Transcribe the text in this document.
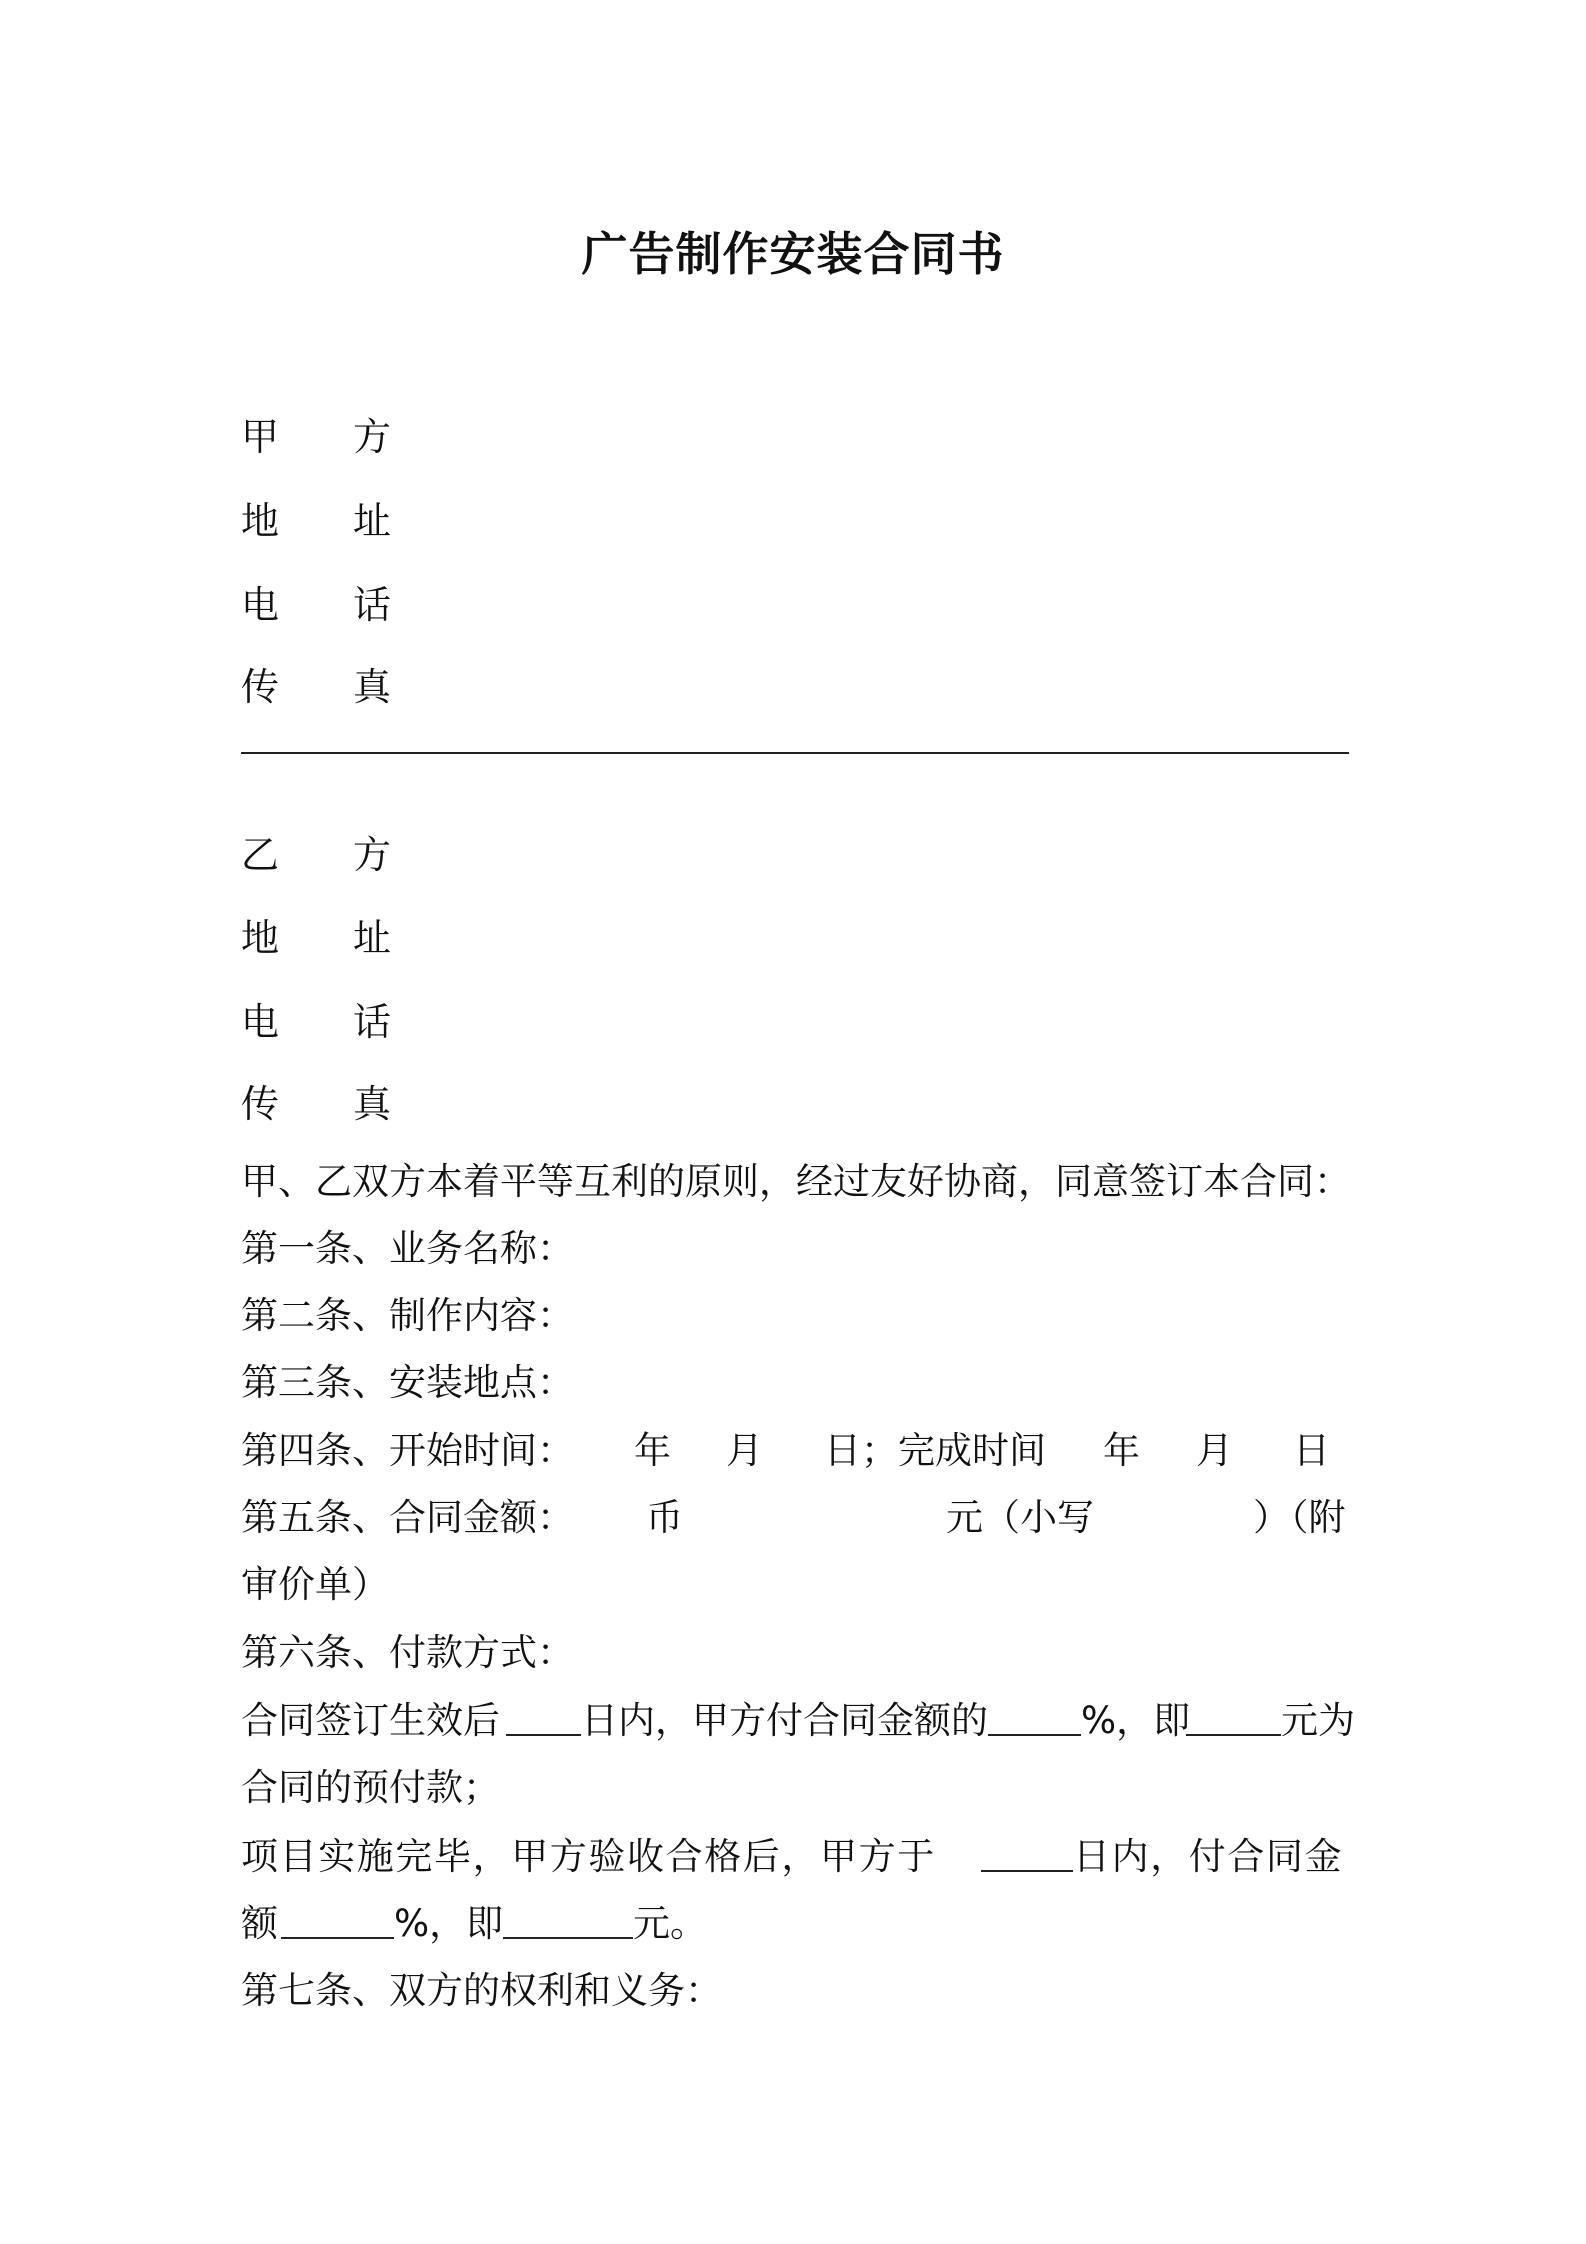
广告制作安装合同书
甲 方
地 址
电 话
传 真
乙 方
地 址
电 话
传 真
甲、乙双方本着平等互利的原则，经过友好协商，同意签订本合同：
第一条、业务名称：
第二条、制作内容：
第三条、安装地点：
第四条、开始时间： 年 月 日；完成时间 年 月 日
第五条、合同金额： 币	元（小写	）（附
审价单）
第六条、付款方式：
合同签订生效后 日内，甲方付合同金额的	%，即 元为
合同的预付款；
项目实施完毕，甲方验收合格后，甲方于	日内，付合同金
额	%，即	元。
第七条、双方的权利和义务：
